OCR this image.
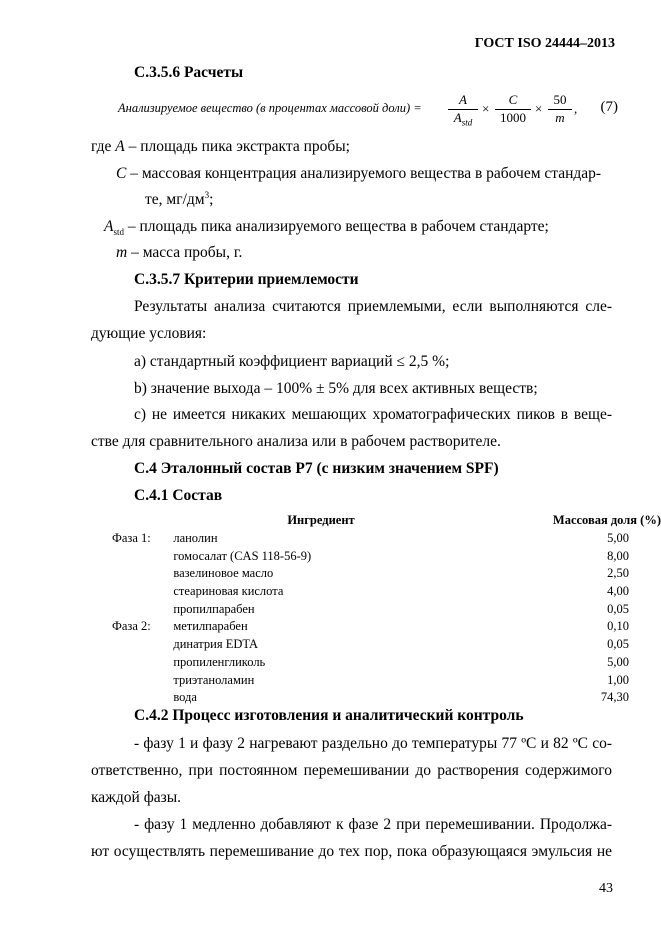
ГОСТ ISO 24444–2013
C.3.5.6 Расчеты
Анализируемое вещество (в процентах массовой доли) =
A
$A_{std}$
×
C
1000
×
50
m
, (7)
где A – площадь пика экстракта пробы;
C – массовая концентрация анализируемого вещества в рабочем стандар-
те, $мг/дм^3$;
$A_{std}$ – площадь пика анализируемого вещества в рабочем стандарте;
m – масса пробы, г.
C.3.5.7 Критерии приемлемости
Результаты анализа считаются приемлемыми, если выполняются сле-
дующие условия:
а) стандартный коэффициент вариаций ≤ 2,5 %;
b) значение выхода – 100% ± 5% для всех активных веществ;
с) не имеется никаких мешающих хроматографических пиков в веще-
стве для сравнительного анализа или в рабочем растворителе.
C.4 Эталонный состав P7 (с низким значением SPF)
C.4.1 Состав
	Ингредиент	Массовая доля (%)
Фаза 1:	ланолин	5,00
	гомосалат (CAS 118-56-9)	8,00
	вазелиновое масло	2,50
	стеариновая кислота	4,00
	пропилпарабен	0,05
Фаза 2:	метилпарабен	0,10
	динатрия EDTA	0,05
	пропиленгликоль	5,00
	триэтаноламин	1,00
	вода	74,30
C.4.2 Процесс изготовления и аналитический контроль
- фазу 1 и фазу 2 нагревают раздельно до температуры 77 ºС и 82 ºС со-
ответственно, при постоянном перемешивании до растворения содержимого
каждой фазы.
- фазу 1 медленно добавляют к фазе 2 при перемешивании. Продолжа-
ют осуществлять перемешивание до тех пор, пока образующаяся эмульсия не
43
